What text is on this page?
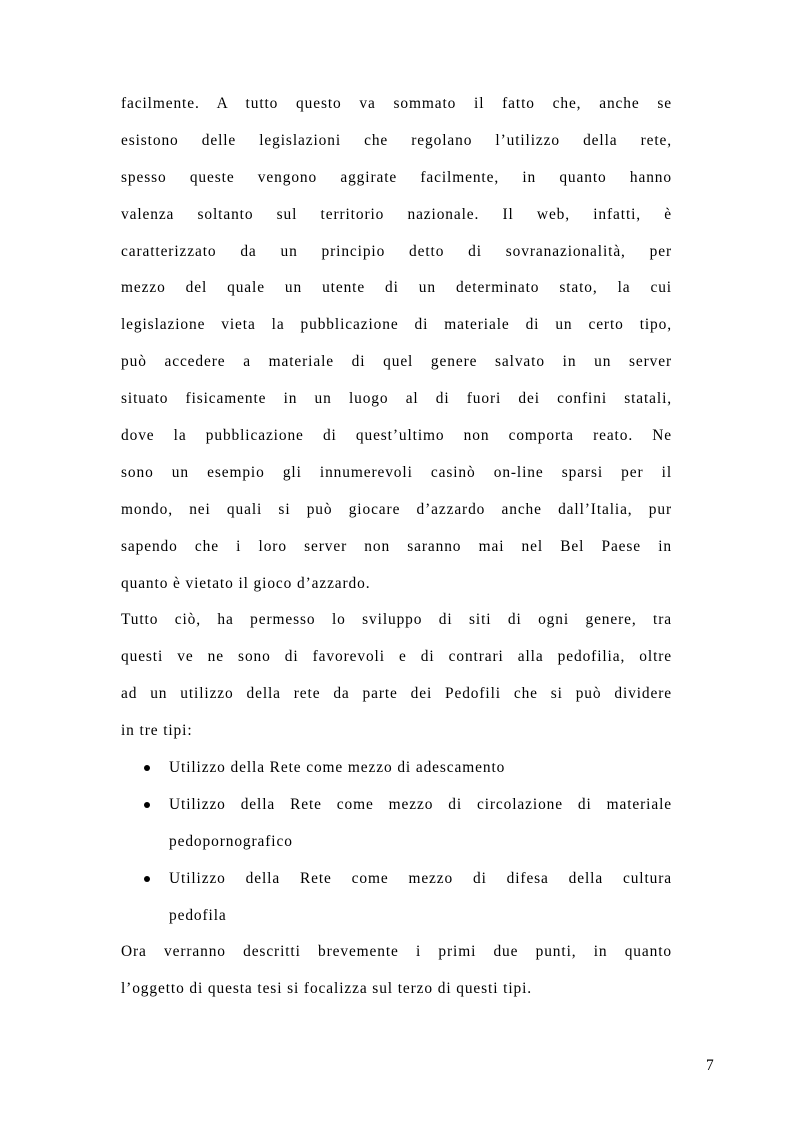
facilmente. A tutto questo va sommato il fatto che, anche se
esistono delle legislazioni che regolano l’utilizzo della rete,
spesso queste vengono aggirate facilmente, in quanto hanno
valenza soltanto sul territorio nazionale. Il web, infatti, è
caratterizzato da un principio detto di sovranazionalità, per
mezzo del quale un utente di un determinato stato, la cui
legislazione vieta la pubblicazione di materiale di un certo tipo,
può accedere a materiale di quel genere salvato in un server
situato fisicamente in un luogo al di fuori dei confini statali,
dove la pubblicazione di quest’ultimo non comporta reato. Ne
sono un esempio gli innumerevoli casinò on-line sparsi per il
mondo, nei quali si può giocare d’azzardo anche dall’Italia, pur
sapendo che i loro server non saranno mai nel Bel Paese in
quanto è vietato il gioco d’azzardo.
Tutto ciò, ha permesso lo sviluppo di siti di ogni genere, tra
questi ve ne sono di favorevoli e di contrari alla pedofilia, oltre
ad un utilizzo della rete da parte dei Pedofili che si può dividere
in tre tipi:
Utilizzo della Rete come mezzo di adescamento
Utilizzo della Rete come mezzo di circolazione di materiale
pedopornografico
Utilizzo della Rete come mezzo di difesa della cultura
pedofila
Ora verranno descritti brevemente i primi due punti, in quanto
l’oggetto di questa tesi si focalizza sul terzo di questi tipi.
7
